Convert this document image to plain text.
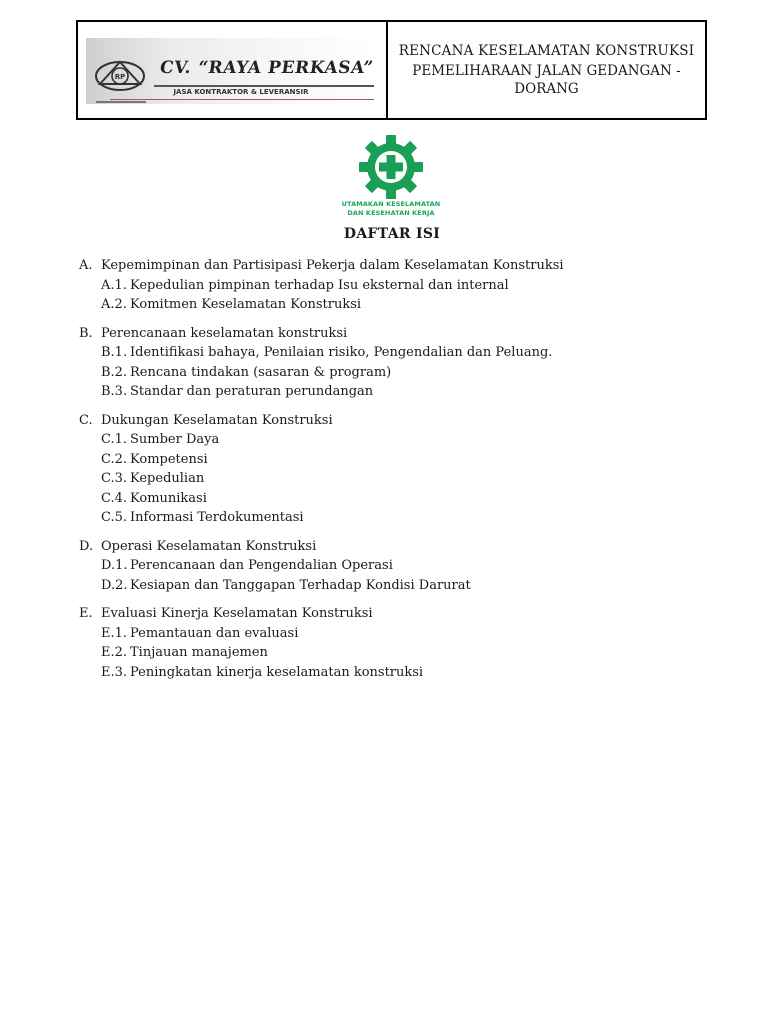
RP CV. “RAYA PERKASA”
JASA KONTRAKTOR & LEVERANSIR
RENCANA KESELAMATAN KONSTRUKSI
PEMELIHARAAN JALAN GEDANGAN - DORANG
UTAMAKAN KESELAMATAN
DAN KESEHATAN KERJA
DAFTAR ISI
A. Kepemimpinan dan Partisipasi Pekerja dalam Keselamatan Konstruksi
A.1. Kepedulian pimpinan terhadap Isu eksternal dan internal
A.2. Komitmen Keselamatan Konstruksi
B. Perencanaan keselamatan konstruksi
B.1. Identifikasi bahaya, Penilaian risiko, Pengendalian dan Peluang.
B.2. Rencana tindakan (sasaran & program)
B.3. Standar dan peraturan perundangan
C. Dukungan Keselamatan Konstruksi
C.1. Sumber Daya
C.2. Kompetensi
C.3. Kepedulian
C.4. Komunikasi
C.5. Informasi Terdokumentasi
D. Operasi Keselamatan Konstruksi
D.1. Perencanaan dan Pengendalian Operasi
D.2. Kesiapan dan Tanggapan Terhadap Kondisi Darurat
E. Evaluasi Kinerja Keselamatan Konstruksi
E.1. Pemantauan dan evaluasi
E.2. Tinjauan manajemen
E.3. Peningkatan kinerja keselamatan konstruksi
